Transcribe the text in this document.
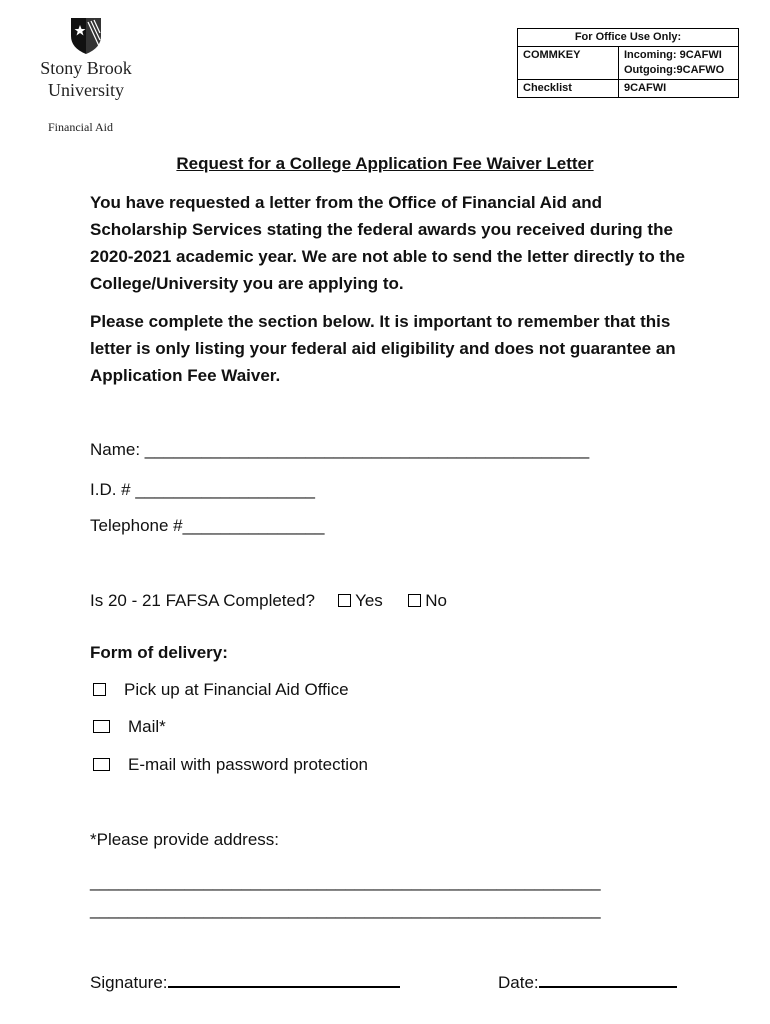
Stony Brook
University
Financial Aid
For Office Use Only:	
COMMKEY	Incoming: 9CAFWI
Outgoing:9CAFWO

Checklist	9CAFWI
Request for a College Application Fee Waiver Letter
You have requested a letter from the Office of Financial Aid and Scholarship Services stating the federal awards you received during the 2020-2021 academic year. We are not able to send the letter directly to the College/University you are applying to.
Please complete the section below. It is important to remember that this letter is only listing your federal aid eligibility and does not guarantee an Application Fee Waiver.
Name: _______________________________________________
I.D. # ___________________
Telephone #_______________
Is 20 - 21 FAFSA Completed? Yes No
Form of delivery:
Pick up at Financial Aid Office
Mail*
E-mail with password protection
*Please provide address:
______________________________________________________
______________________________________________________
Signature:	Date:
